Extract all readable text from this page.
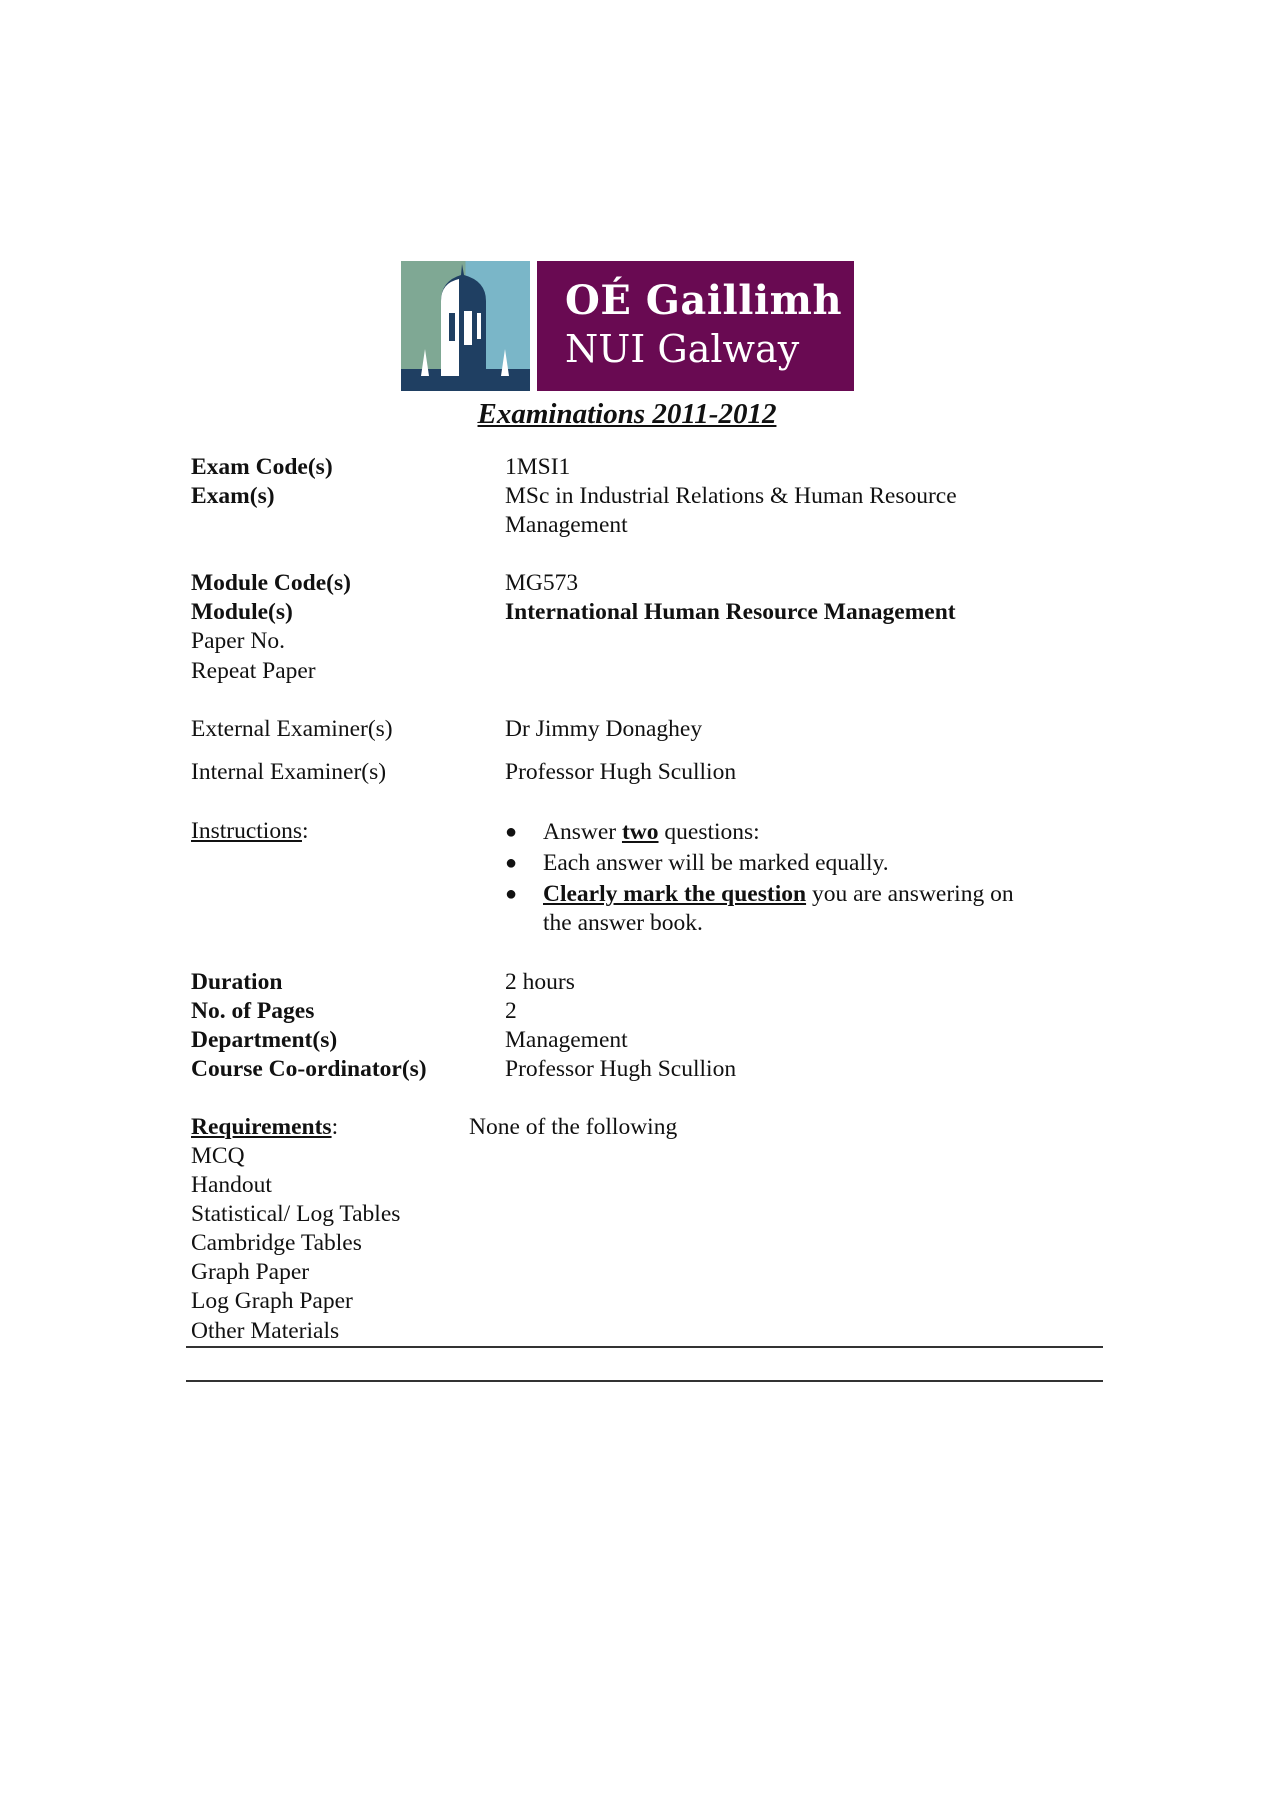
OÉ Gaillimh
NUI Galway
Examinations 2011-2012
Exam Code(s)	1MSI1
Exam(s)	MSc in Industrial Relations & Human Resource
Management
Module Code(s)	MG573
Module(s)	International Human Resource Management
Paper No.
Repeat Paper
External Examiner(s)	Dr Jimmy Donaghey
Internal Examiner(s)	Professor Hugh Scullion
Instructions:	● Answer two questions:
● Each answer will be marked equally.
● Clearly mark the question you are answering on
the answer book.
Duration	2 hours
No. of Pages	2
Department(s)	Management
Course Co-ordinator(s)	Professor Hugh Scullion
Requirements:	None of the following
MCQ
Handout
Statistical/ Log Tables
Cambridge Tables
Graph Paper
Log Graph Paper
Other Materials
